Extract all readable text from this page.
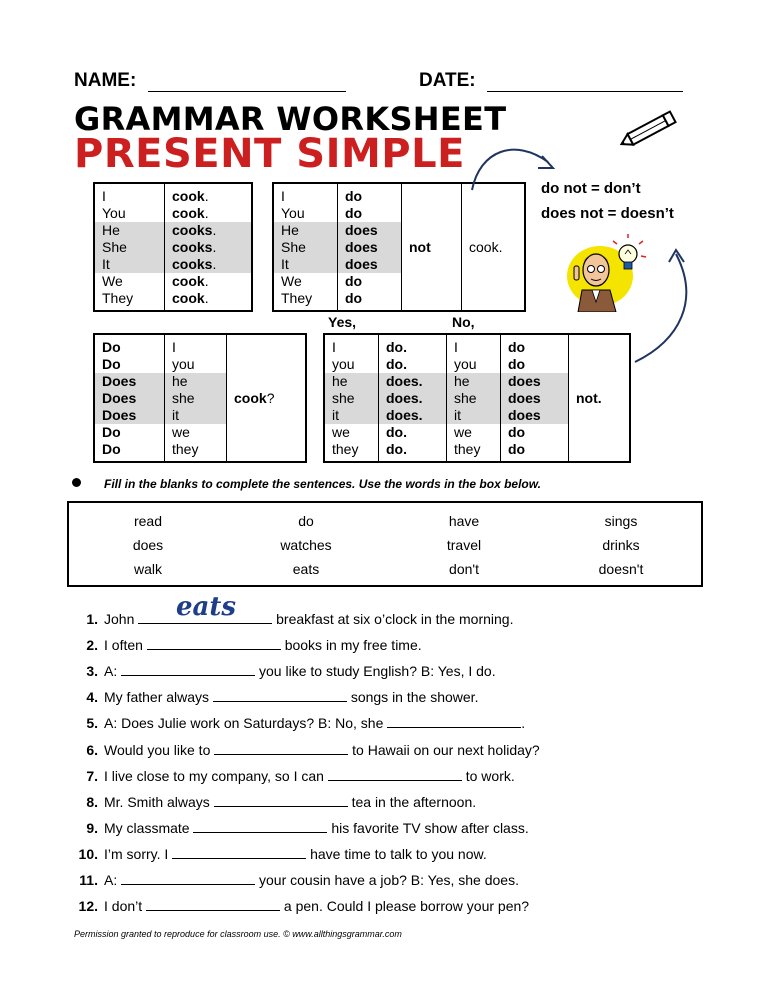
NAME:	DATE:
GRAMMAR WORKSHEET
PRESENT SIMPLE
I	cook.
You	cook.
He	cooks.
She	cooks.
It	cooks.
We	cook.
They	cook.
I	do	not	cook.
You	do		
He	does		
She	does		
It	does		
We	do		
They	do		
do not = don’t
does not = doesn’t
Yes,	No,
Do	I	cook?
Do	you	
Does	he	
Does	she	
Does	it	
Do	we	
Do	they	
I	do.	I	do	not.
you	do.	you	do	
he	does.	he	does	
she	does.	she	does	
it	does.	it	does	
we	do.	we	do	
they	do.	they	do	
Fill in the blanks to complete the sentences. Use the words in the box below.
read	do	have	sings
does	watches	travel	drinks
walk	eats	don't	doesn't
1. John	breakfast at six o’clock in the morning.
2. I often	books in my free time.
3. A:	you like to study English? B: Yes, I do.
4. My father always	songs in the shower.
5. A: Does Julie work on Saturdays? B: No, she	.
6. Would you like to	to Hawaii on our next holiday?
7. I live close to my company, so I can	to work.
8. Mr. Smith always	tea in the afternoon.
9. My classmate	his favorite TV show after class.
10. I’m sorry. I	have time to talk to you now.
11. A:	your cousin have a job? B: Yes, she does.
12. I don’t	a pen. Could I please borrow your pen?
eats
Permission granted to reproduce for classroom use. © www.allthingsgrammar.com
